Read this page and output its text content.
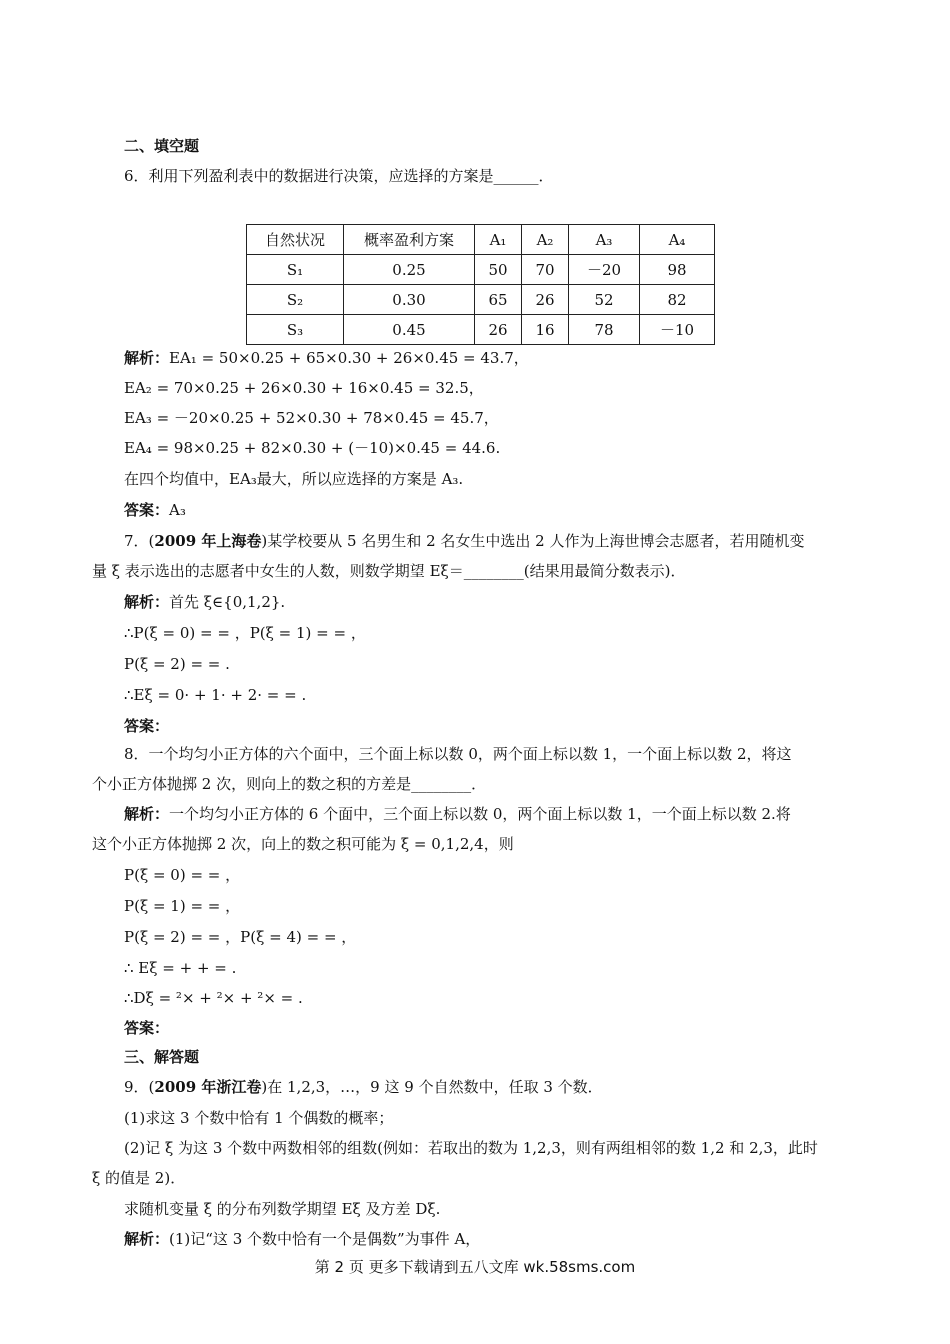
二、填空题
6．利用下列盈利表中的数据进行决策，应选择的方案是______．
自然状况	概率盈利方案	A₁	A₂	A₃	A₄
S₁	0.25	50	70	－20	98
S₂	0.30	65	26	52	82
S₃	0.45	26	16	78	－10
解析：EA₁ = 50×0.25 + 65×0.30 + 26×0.45 = 43.7，
EA₂ = 70×0.25 + 26×0.30 + 16×0.45 = 32.5，
EA₃ = －20×0.25 + 52×0.30 + 78×0.45 = 45.7，
EA₄ = 98×0.25 + 82×0.30 + (－10)×0.45 = 44.6.
在四个均值中，EA₃最大，所以应选择的方案是 A₃.
答案：A₃
7．(2009 年上海卷)某学校要从 5 名男生和 2 名女生中选出 2 人作为上海世博会志愿者，若用随机变
量 ξ 表示选出的志愿者中女生的人数，则数学期望 Eξ＝________(结果用最简分数表示)．
解析：首先 ξ∈{0,1,2}.
∴P(ξ = 0) = = ，P(ξ = 1) = = ，
P(ξ = 2) = = .
∴Eξ = 0· + 1· + 2· = = .
答案：
8．一个均匀小正方体的六个面中，三个面上标以数 0，两个面上标以数 1，一个面上标以数 2，将这
个小正方体抛掷 2 次，则向上的数之积的方差是________．
解析：一个均匀小正方体的 6 个面中，三个面上标以数 0，两个面上标以数 1，一个面上标以数 2.将
这个小正方体抛掷 2 次，向上的数之积可能为 ξ = 0,1,2,4，则
P(ξ = 0) = = ，
P(ξ = 1) = = ，
P(ξ = 2) = = ，P(ξ = 4) = = ，
∴ Eξ = + + = .
∴Dξ = ²× + ²× + ²× = .
答案：
三、解答题
9．(2009 年浙江卷)在 1,2,3，…，9 这 9 个自然数中，任取 3 个数．
(1)求这 3 个数中恰有 1 个偶数的概率；
(2)记 ξ 为这 3 个数中两数相邻的组数(例如：若取出的数为 1,2,3，则有两组相邻的数 1,2 和 2,3，此时
ξ 的值是 2)．
求随机变量 ξ 的分布列数学期望 Eξ 及方差 Dξ.
解析：(1)记“这 3 个数中恰有一个是偶数”为事件 A，
第 2 页 更多下载请到五八文库 wk.58sms.com
